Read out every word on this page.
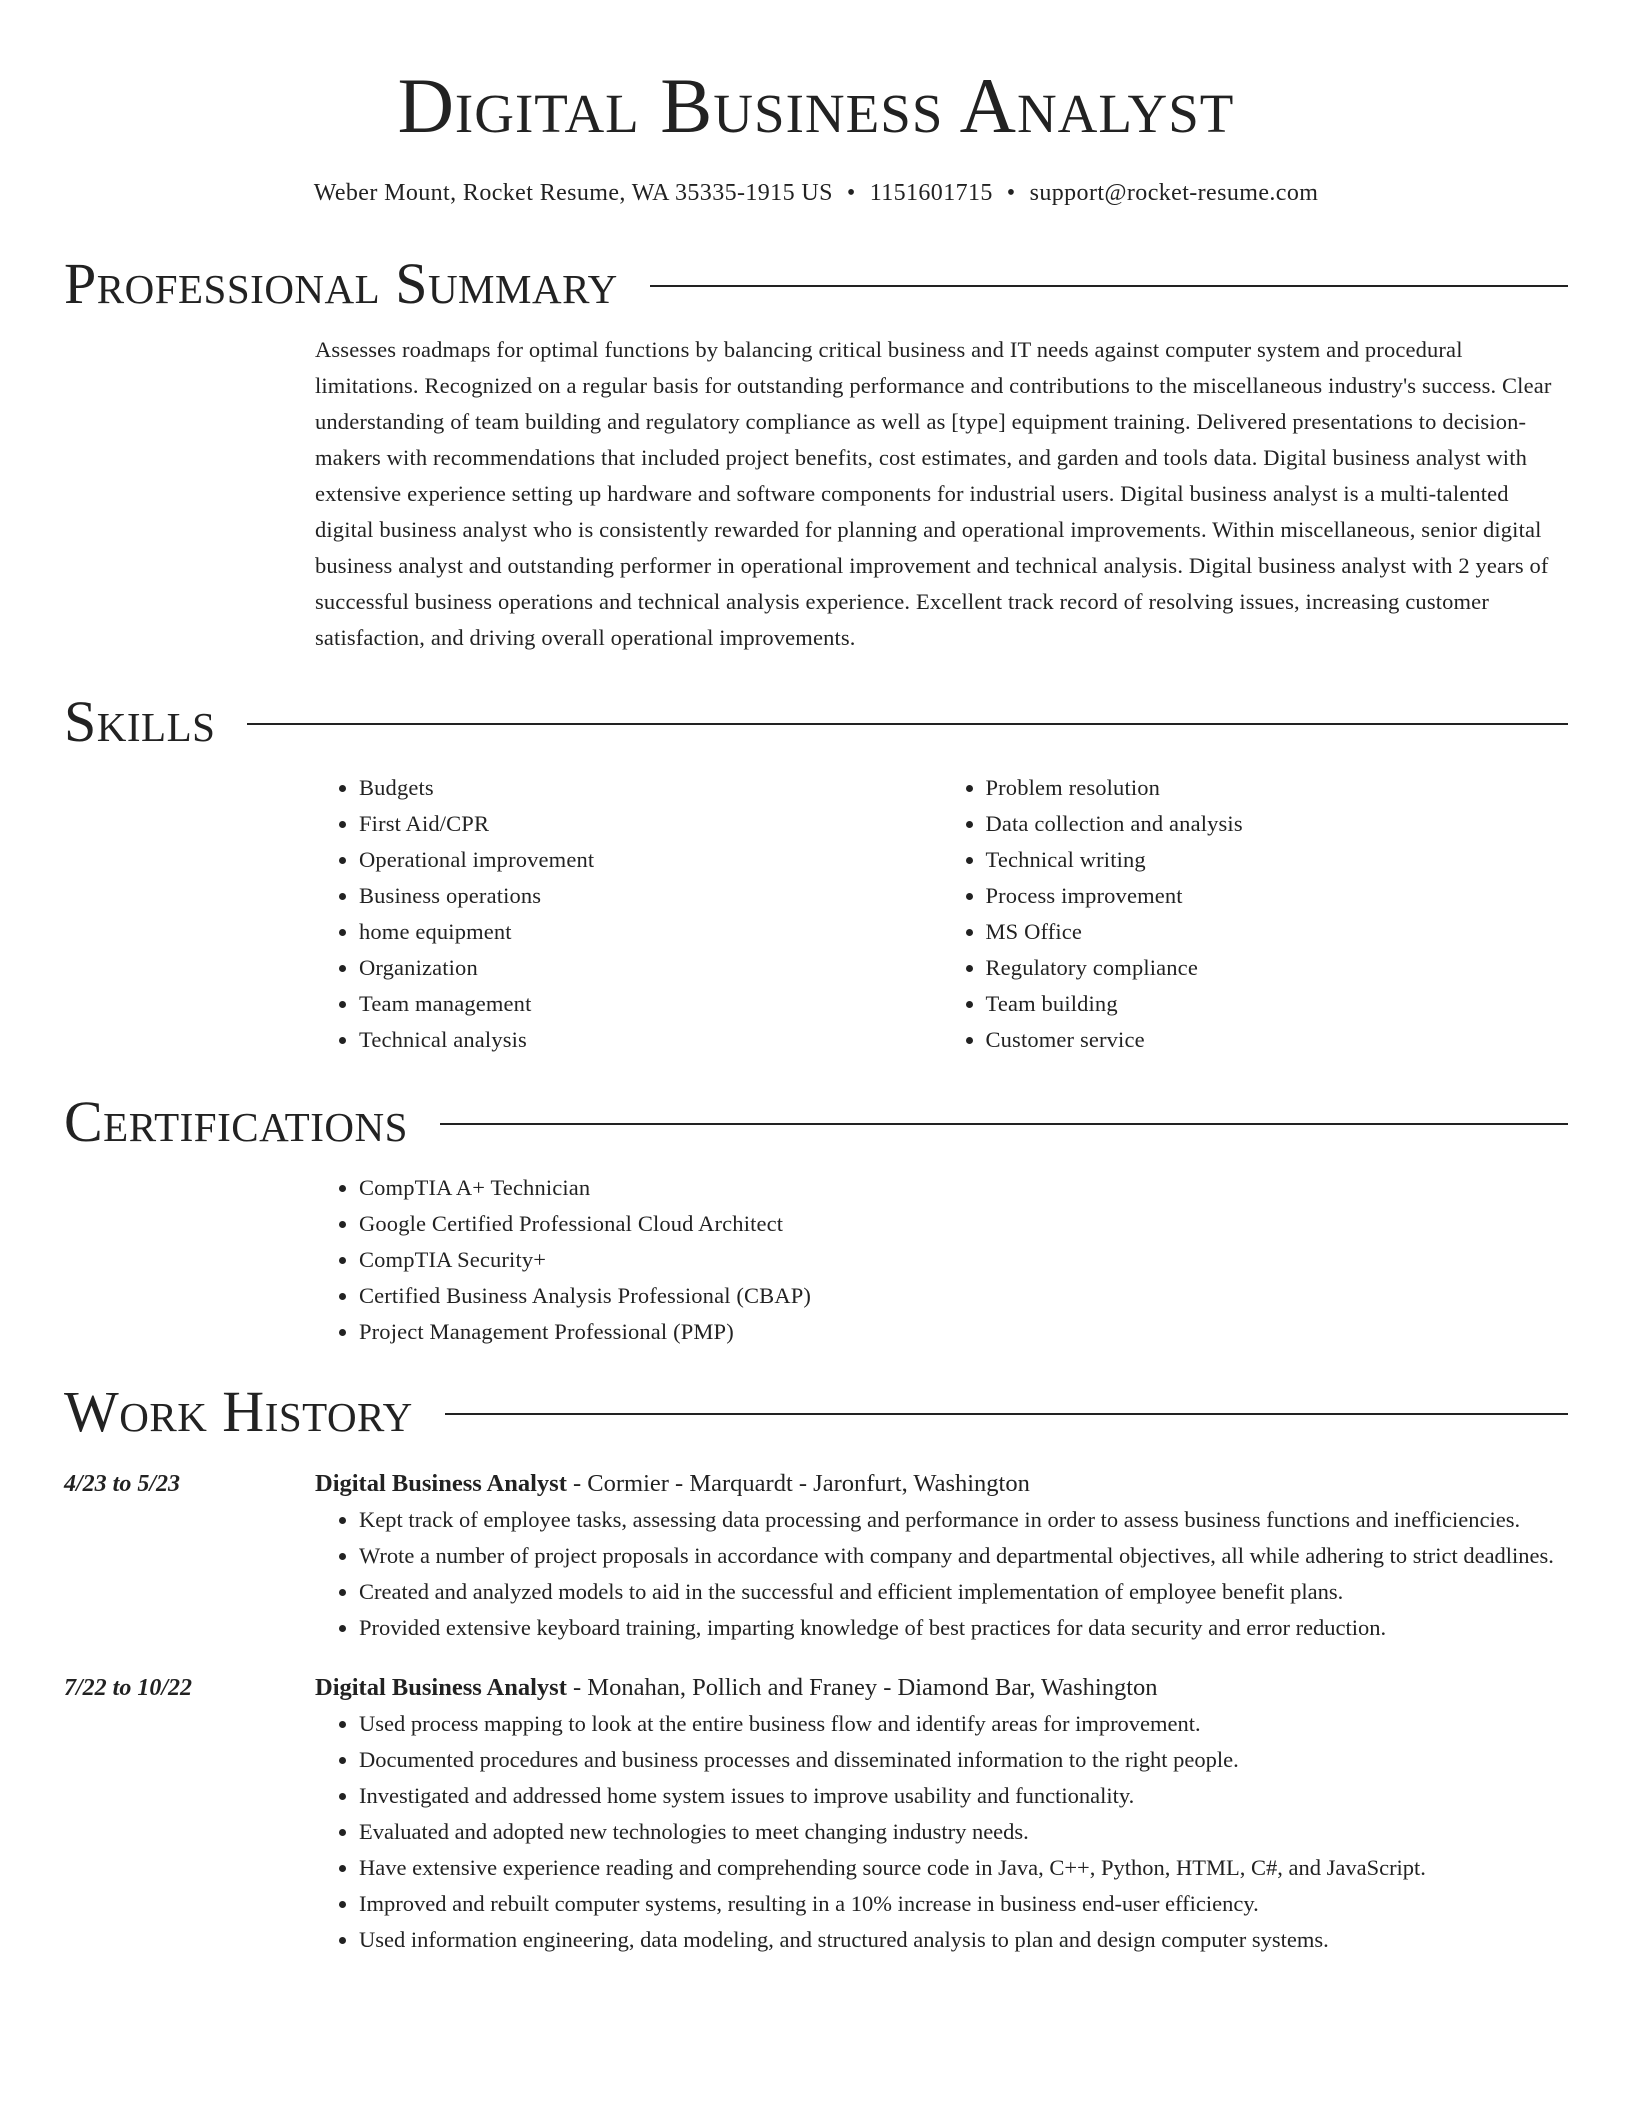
Digital Business Analyst
Weber Mount, Rocket Resume, WA 35335-1915 US • 1151601715 • support@rocket-resume.com
Professional Summary
Assesses roadmaps for optimal functions by balancing critical business and IT needs against computer system and procedural limitations. Recognized on a regular basis for outstanding performance and contributions to the miscellaneous industry's success. Clear understanding of team building and regulatory compliance as well as [type] equipment training. Delivered presentations to decision-makers with recommendations that included project benefits, cost estimates, and garden and tools data. Digital business analyst with extensive experience setting up hardware and software components for industrial users. Digital business analyst is a multi-talented digital business analyst who is consistently rewarded for planning and operational improvements. Within miscellaneous, senior digital business analyst and outstanding performer in operational improvement and technical analysis. Digital business analyst with 2 years of successful business operations and technical analysis experience. Excellent track record of resolving issues, increasing customer satisfaction, and driving overall operational improvements.
Skills
• Budgets
• First Aid/CPR
• Operational improvement
• Business operations
• home equipment
• Organization
• Team management
• Technical analysis
• Problem resolution
• Data collection and analysis
• Technical writing
• Process improvement
• MS Office
• Regulatory compliance
• Team building
• Customer service
Certifications
• CompTIA A+ Technician
• Google Certified Professional Cloud Architect
• CompTIA Security+
• Certified Business Analysis Professional (CBAP)
• Project Management Professional (PMP)
Work History
4/23 to 5/23	Digital Business Analyst - Cormier - Marquardt - Jaronfurt, Washington
• Kept track of employee tasks, assessing data processing and performance in order to assess business functions and inefficiencies.
• Wrote a number of project proposals in accordance with company and departmental objectives, all while adhering to strict deadlines.
• Created and analyzed models to aid in the successful and efficient implementation of employee benefit plans.
• Provided extensive keyboard training, imparting knowledge of best practices for data security and error reduction.
7/22 to 10/22	Digital Business Analyst - Monahan, Pollich and Franey - Diamond Bar, Washington
• Used process mapping to look at the entire business flow and identify areas for improvement.
• Documented procedures and business processes and disseminated information to the right people.
• Investigated and addressed home system issues to improve usability and functionality.
• Evaluated and adopted new technologies to meet changing industry needs.
• Have extensive experience reading and comprehending source code in Java, C++, Python, HTML, C#, and JavaScript.
• Improved and rebuilt computer systems, resulting in a 10% increase in business end-user efficiency.
• Used information engineering, data modeling, and structured analysis to plan and design computer systems.
